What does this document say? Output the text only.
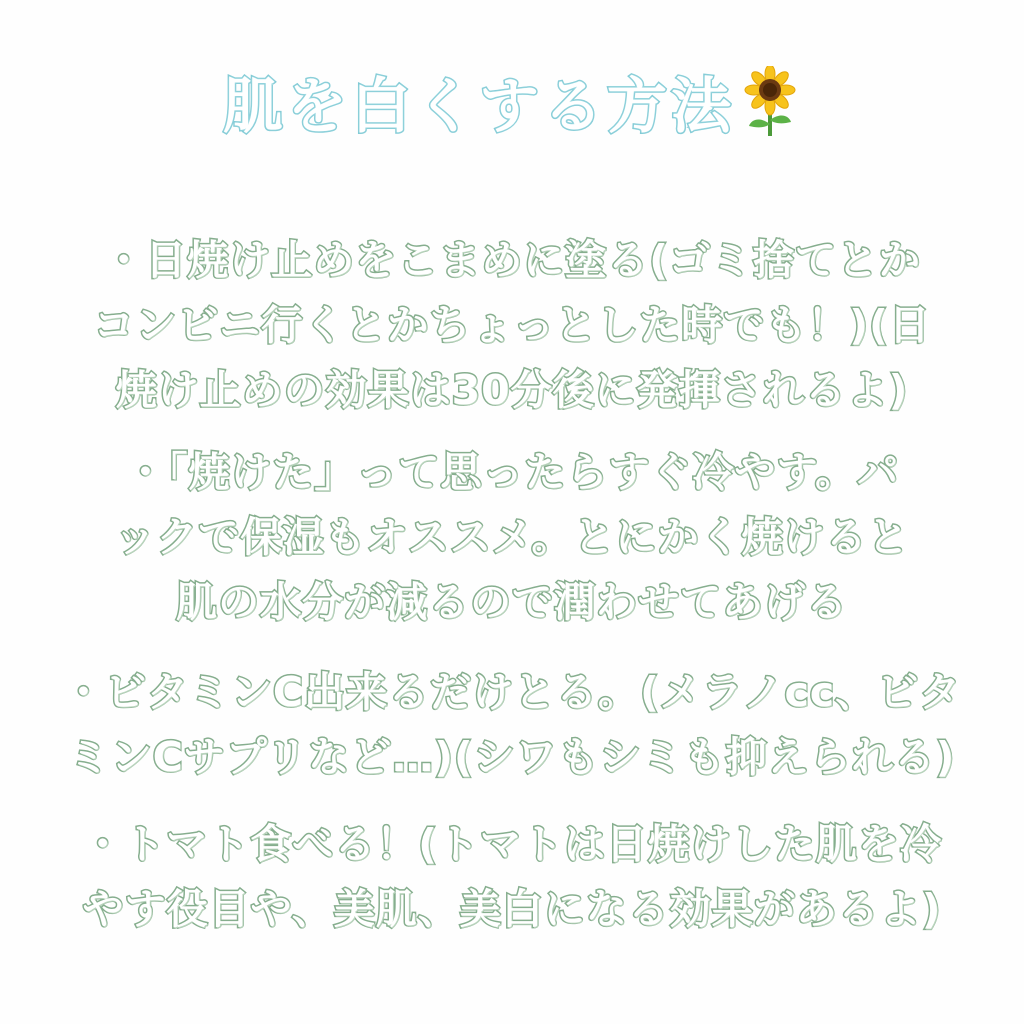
肌を白くする方法
・日焼け止めをこまめに塗る(ゴミ捨てとか
コンビニ行くとかちょっとした時でも！)(日
焼け止めの効果は30分後に発揮されるよ)
・「焼けた」って思ったらすぐ冷やす。パ
ックで保湿もオススメ。とにかく焼けると
肌の水分が減るので潤わせてあげる
・ビタミンC出来るだけとる。(メラノcc、ビタ
ミンCサプリなど…)(シワもシミも抑えられる)
・トマト食べる！(トマトは日焼けした肌を冷
やす役目や、美肌、美白になる効果があるよ)
